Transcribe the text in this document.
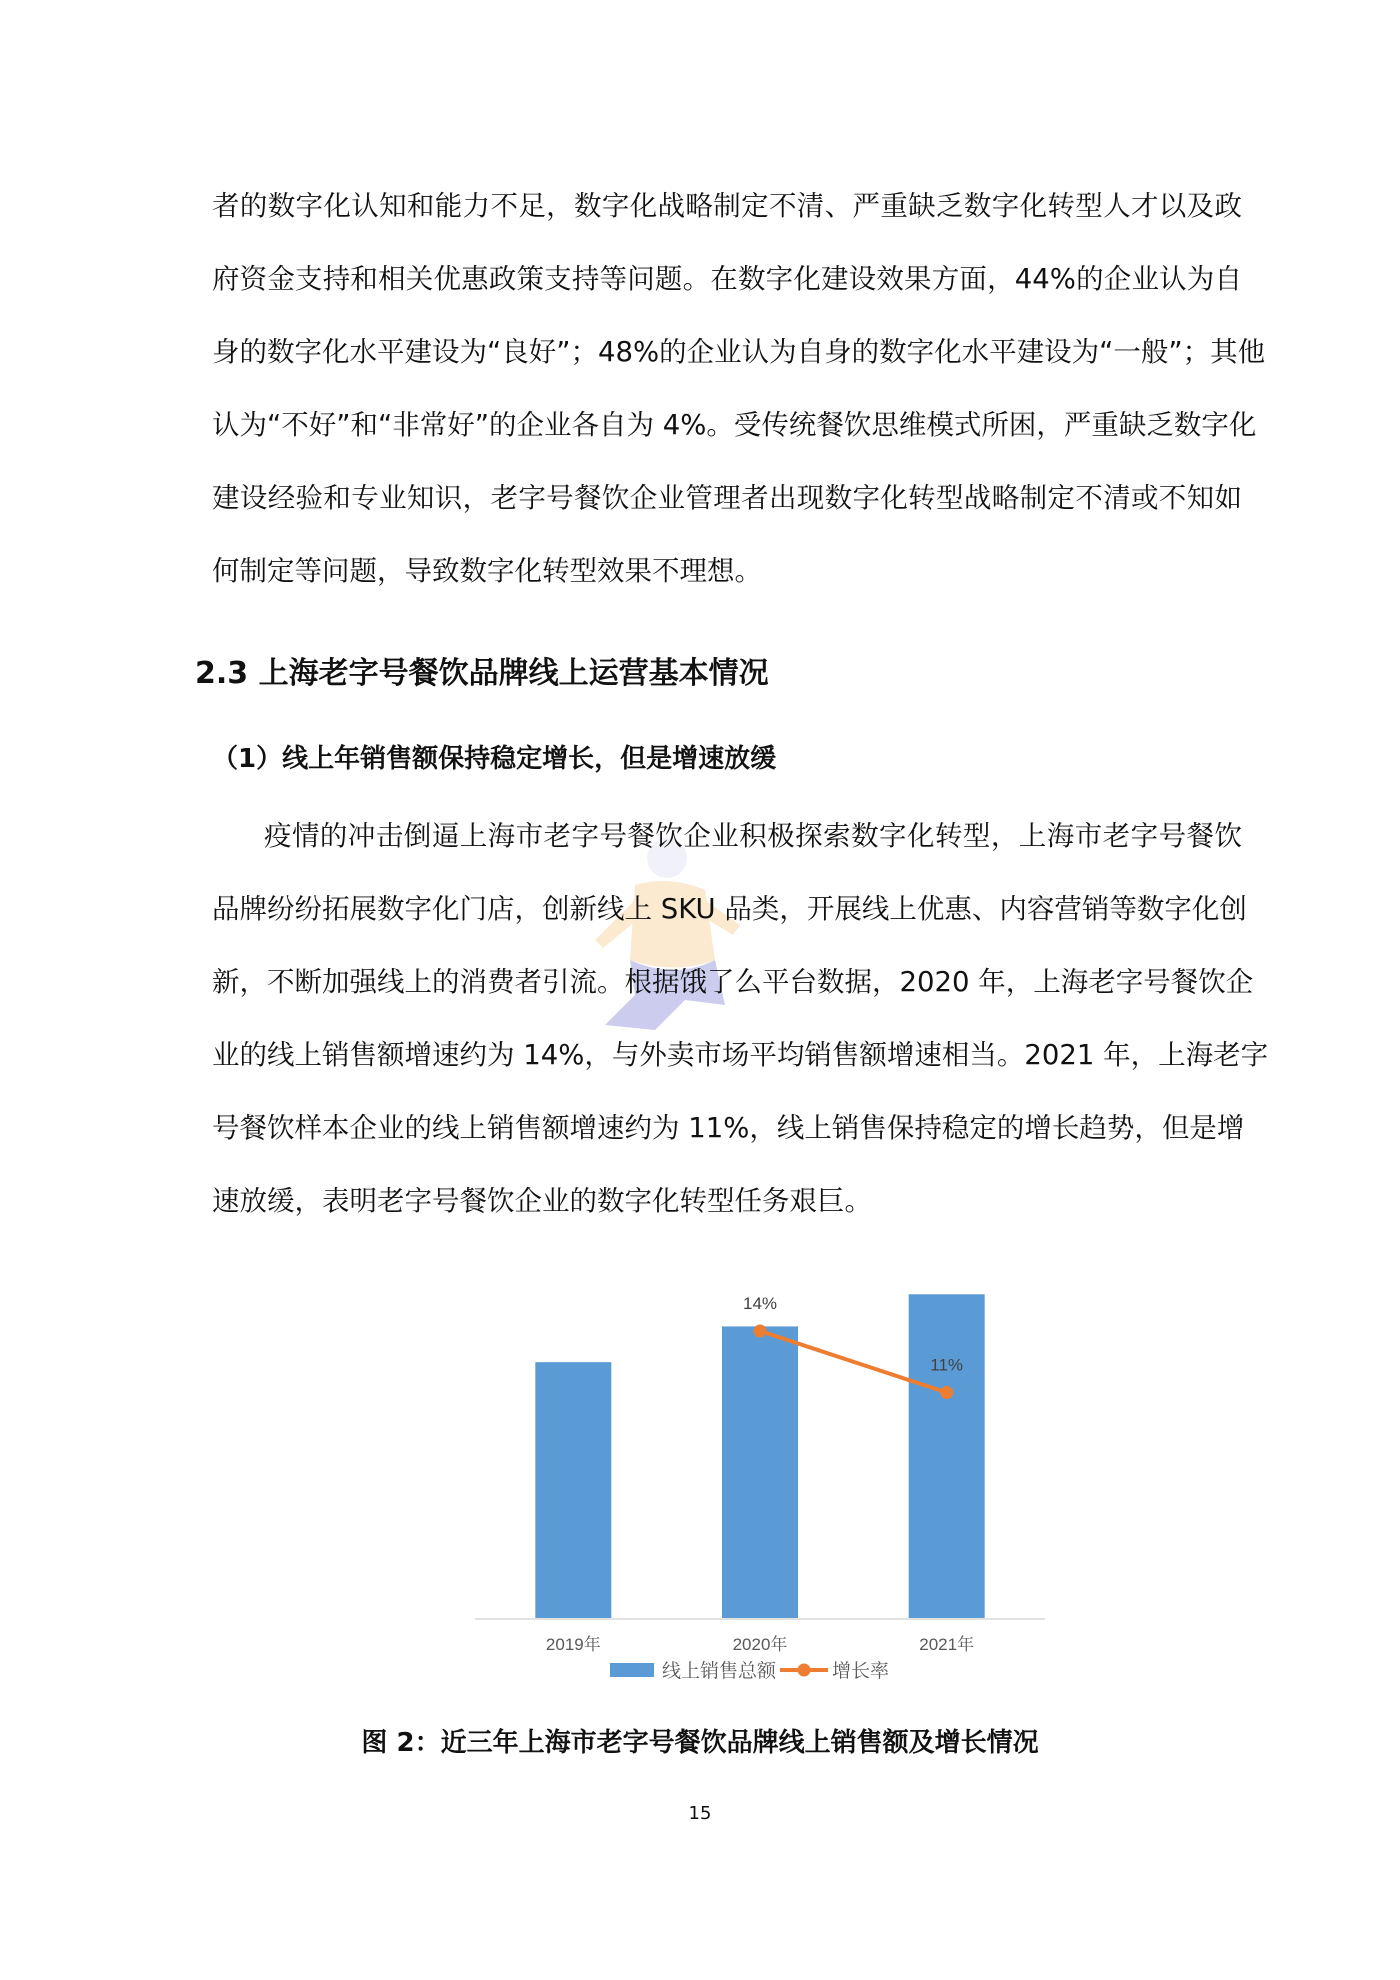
者的数字化认知和能力不足，数字化战略制定不清、严重缺乏数字化转型人才以及政
府资金支持和相关优惠政策支持等问题。在数字化建设效果方面，44%的企业认为自
身的数字化水平建设为“良好”；48%的企业认为自身的数字化水平建设为“一般”；其他
认为“不好”和“非常好”的企业各自为 4%。受传统餐饮思维模式所困，严重缺乏数字化
建设经验和专业知识，老字号餐饮企业管理者出现数字化转型战略制定不清或不知如
何制定等问题，导致数字化转型效果不理想。
2.3 上海老字号餐饮品牌线上运营基本情况
（1）线上年销售额保持稳定增长，但是增速放缓
疫情的冲击倒逼上海市老字号餐饮企业积极探索数字化转型，上海市老字号餐饮
品牌纷纷拓展数字化门店，创新线上 SKU 品类，开展线上优惠、内容营销等数字化创
新，不断加强线上的消费者引流。根据饿了么平台数据，2020 年，上海老字号餐饮企
业的线上销售额增速约为 14%，与外卖市场平均销售额增速相当。2021 年，上海老字
号餐饮样本企业的线上销售额增速约为 11%，线上销售保持稳定的增长趋势，但是增
速放缓，表明老字号餐饮企业的数字化转型任务艰巨。
2019年	2020年	2021年
14%
11%
线上销售总额	增长率
图 2：近三年上海市老字号餐饮品牌线上销售额及增长情况
15
